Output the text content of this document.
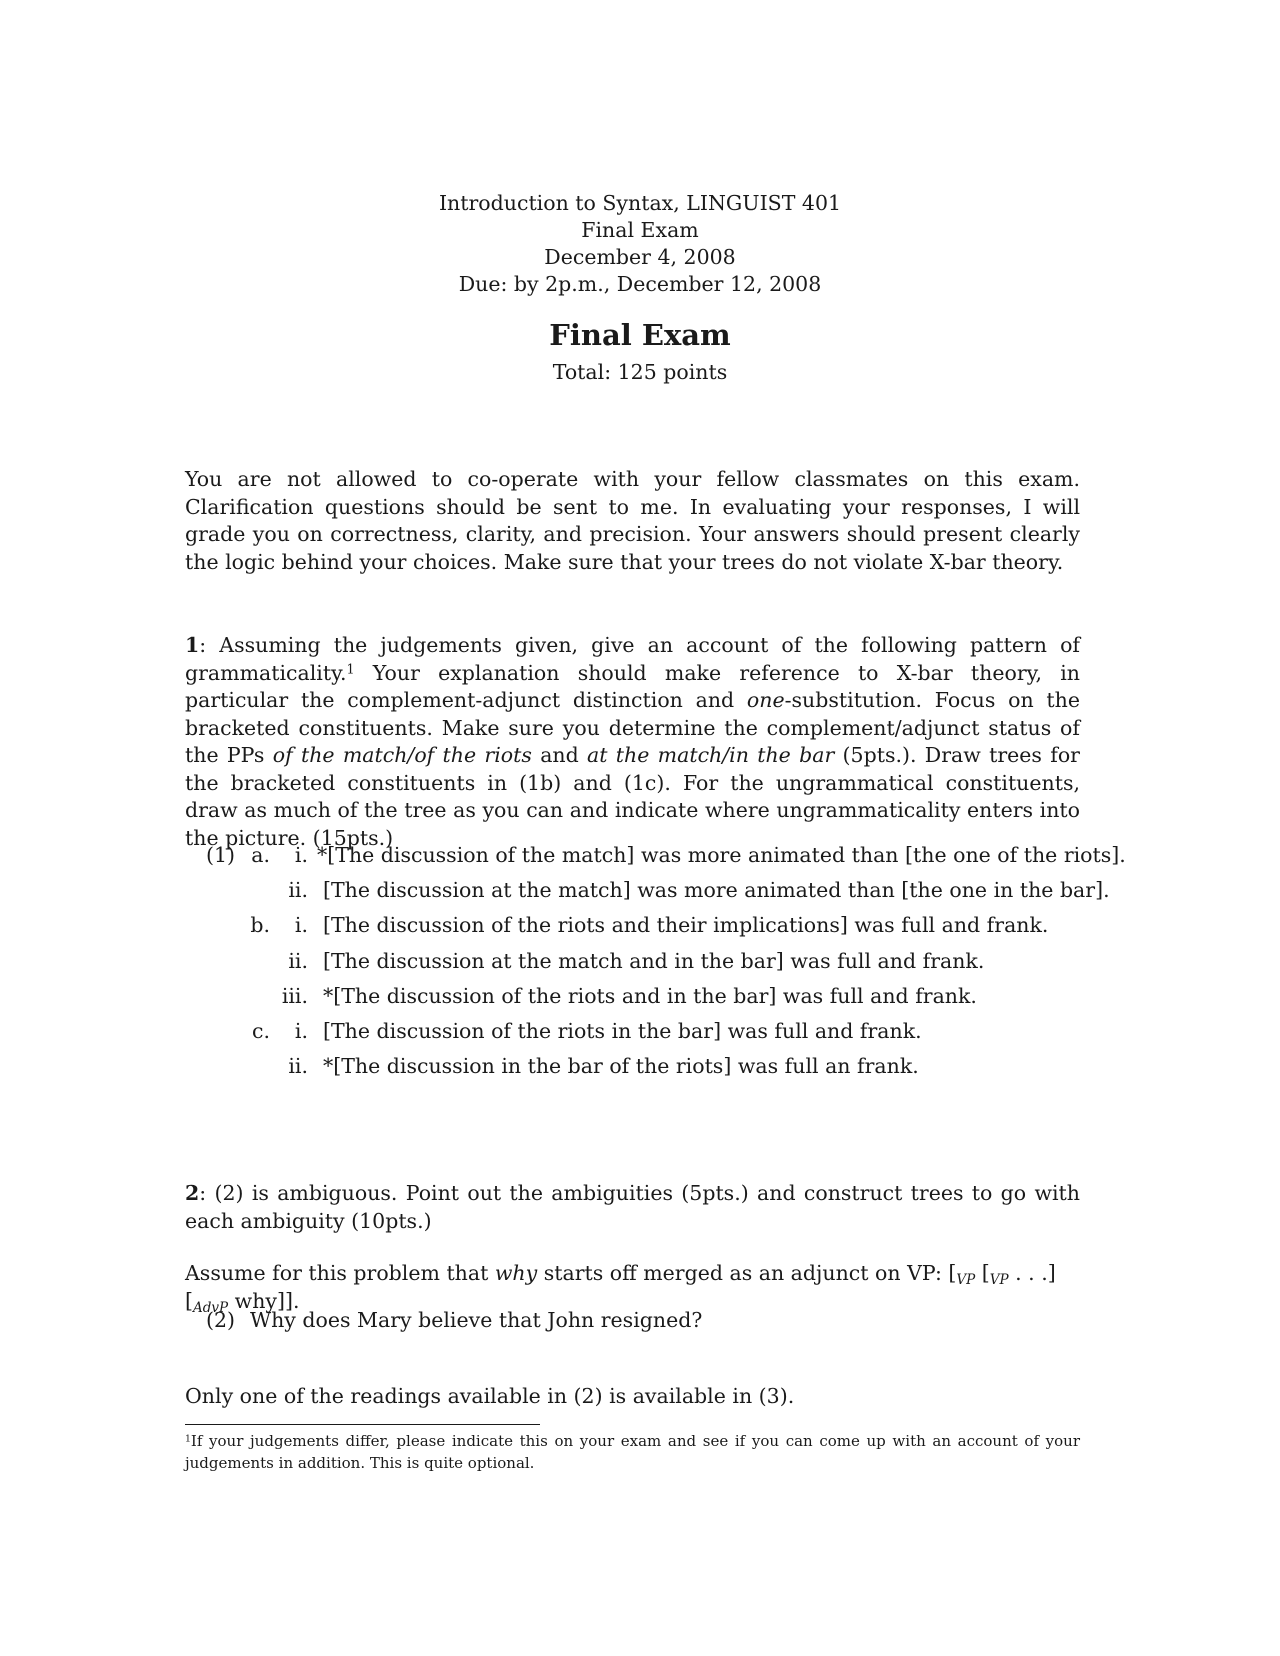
Introduction to Syntax, LINGUIST 401
Final Exam
December 4, 2008
Due: by 2p.m., December 12, 2008
Final Exam
Total: 125 points
You are not allowed to co-operate with your fellow classmates on this exam. Clarification questions should be sent to me. In evaluating your responses, I will grade you on correctness, clarity, and precision. Your answers should present clearly the logic behind your choices. Make sure that your trees do not violate X-bar theory.
1: Assuming the judgements given, give an account of the following pattern of grammaticality.$^1$ Your explanation should make reference to X-bar theory, in particular the complement-adjunct distinction and one-substitution. Focus on the bracketed constituents. Make sure you determine the complement/adjunct status of the PPs of the match/of the riots and at the match/in the bar (5pts.). Draw trees for the bracketed constituents in (1b) and (1c). For the ungrammatical constituents, draw as much of the tree as you can and indicate where ungrammaticality enters into the picture. (15pts.)
(1) a.	i. *[The discussion of the match] was more animated than [the one of the riots].
ii. [The discussion at the match] was more animated than [the one in the bar].
b.	i. [The discussion of the riots and their implications] was full and frank.
ii. [The discussion at the match and in the bar] was full and frank.
iii. *[The discussion of the riots and in the bar] was full and frank.
c.	i. [The discussion of the riots in the bar] was full and frank.
ii. *[The discussion in the bar of the riots] was full an frank.
2: (2) is ambiguous. Point out the ambiguities (5pts.) and construct trees to go with each ambiguity (10pts.)
Assume for this problem that why starts off merged as an adjunct on VP: [$_{VP}$ [$_{VP}$ . . .] [$_{AdvP}$ why]].
(2) Why does Mary believe that John resigned?
Only one of the readings available in (2) is available in (3).
$^1$If your judgements differ, please indicate this on your exam and see if you can come up with an account of your judgements in addition. This is quite optional.
